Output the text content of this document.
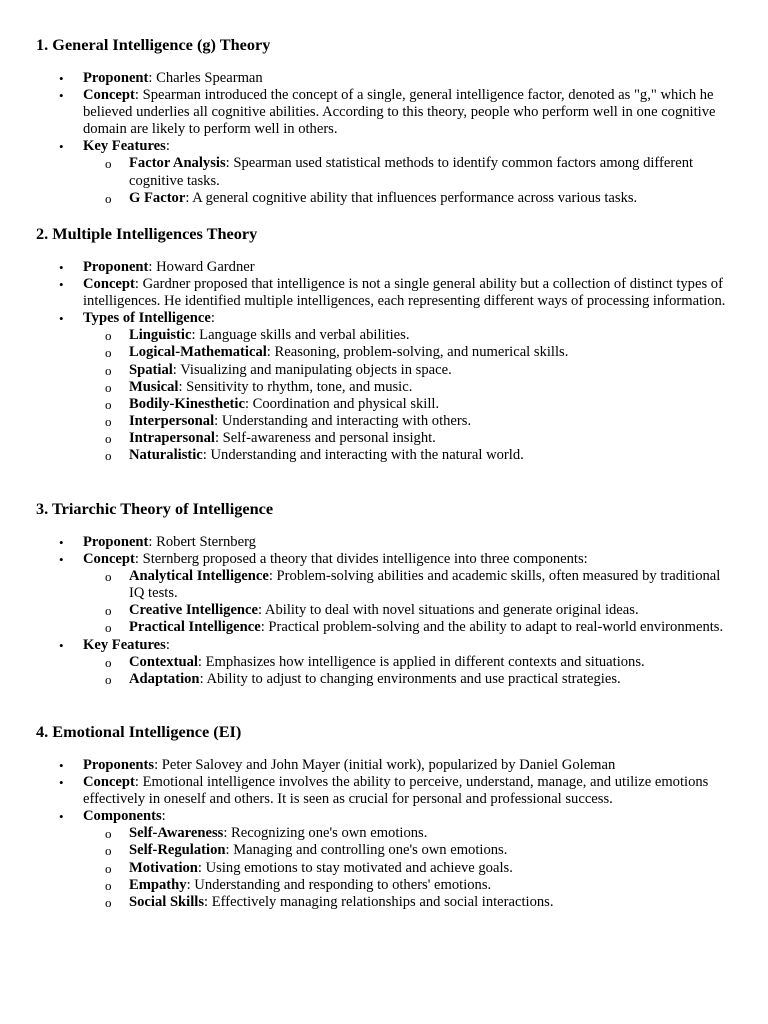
1. General Intelligence (g) Theory
• Proponent: Charles Spearman
• Concept: Spearman introduced the concept of a single, general intelligence factor, denoted as "g," which he believed underlies all cognitive abilities. According to this theory, people who perform well in one cognitive domain are likely to perform well in others.
• Key Features:
o Factor Analysis: Spearman used statistical methods to identify common factors among different cognitive tasks.
o G Factor: A general cognitive ability that influences performance across various tasks.
2. Multiple Intelligences Theory
• Proponent: Howard Gardner
• Concept: Gardner proposed that intelligence is not a single general ability but a collection of distinct types of intelligences. He identified multiple intelligences, each representing different ways of processing information.
• Types of Intelligence:
o Linguistic: Language skills and verbal abilities.
o Logical-Mathematical: Reasoning, problem-solving, and numerical skills.
o Spatial: Visualizing and manipulating objects in space.
o Musical: Sensitivity to rhythm, tone, and music.
o Bodily-Kinesthetic: Coordination and physical skill.
o Interpersonal: Understanding and interacting with others.
o Intrapersonal: Self-awareness and personal insight.
o Naturalistic: Understanding and interacting with the natural world.
3. Triarchic Theory of Intelligence
• Proponent: Robert Sternberg
• Concept: Sternberg proposed a theory that divides intelligence into three components:
o Analytical Intelligence: Problem-solving abilities and academic skills, often measured by traditional IQ tests.
o Creative Intelligence: Ability to deal with novel situations and generate original ideas.
o Practical Intelligence: Practical problem-solving and the ability to adapt to real-world environments.
• Key Features:
o Contextual: Emphasizes how intelligence is applied in different contexts and situations.
o Adaptation: Ability to adjust to changing environments and use practical strategies.
4. Emotional Intelligence (EI)
• Proponents: Peter Salovey and John Mayer (initial work), popularized by Daniel Goleman
• Concept: Emotional intelligence involves the ability to perceive, understand, manage, and utilize emotions effectively in oneself and others. It is seen as crucial for personal and professional success.
• Components:
o Self-Awareness: Recognizing one's own emotions.
o Self-Regulation: Managing and controlling one's own emotions.
o Motivation: Using emotions to stay motivated and achieve goals.
o Empathy: Understanding and responding to others' emotions.
o Social Skills: Effectively managing relationships and social interactions.
